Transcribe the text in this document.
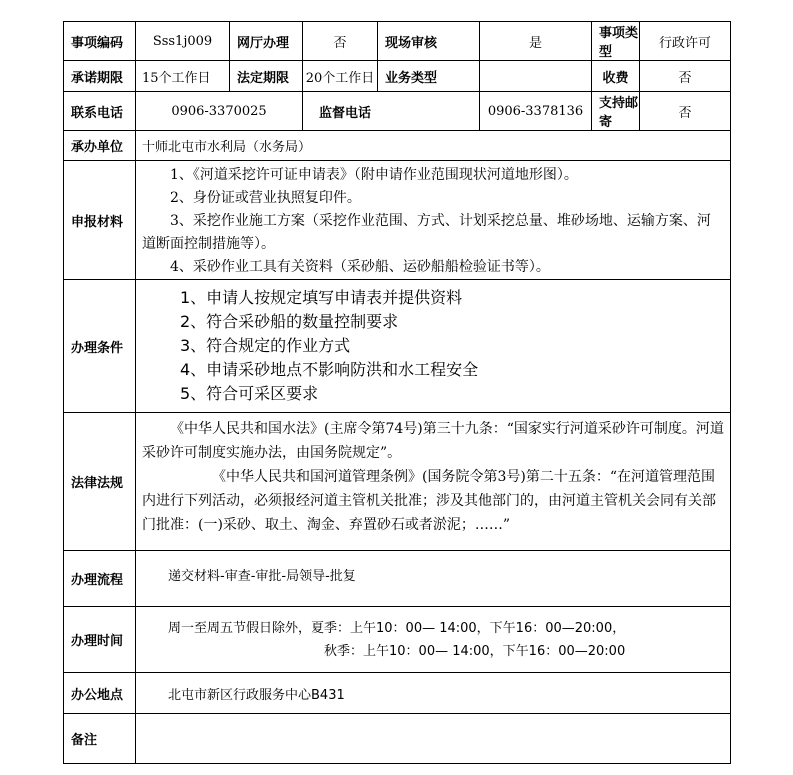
事项编码	Sss1j009	网厅办理	否	现场审核	是	事项类型	行政许可
承诺期限	15个工作日	法定期限	20个工作日	业务类型		收费	否
联系电话	0906-3370025		监督电话		0906-3378136	支持邮寄	否
承办单位	十师北屯市水利局（水务局）						
申报材料	1、《河道采挖许可证申请表》（附申请作业范围现状河道地形图）。

2、身份证或营业执照复印件。

3、采挖作业施工方案（采挖作业范围、方式、计划采挖总量、堆砂场地、运输方案、河道断面控制措施等）。

4、采砂作业工具有关资料（采砂船、运砂船船检验证书等）。						

办理条件	1、申请人按规定填写申请表并提供资料
2、符合采砂船的数量控制要求
3、符合规定的作业方式
4、申请采砂地点不影响防洪和水工程安全
5、符合可采区要求						

法律法规	《中华人民共和国水法》(主席令第74号)第三十九条：“国家实行河道采砂许可制度。河道采砂许可制度实施办法，由国务院规定”。

《中华人民共和国河道管理条例》(国务院令第3号)第二十五条：“在河道管理范围内进行下列活动，必须报经河道主管机关批准；涉及其他部门的，由河道主管机关会同有关部门批准：(一)采砂、取土、淘金、弃置砂石或者淤泥；……”						

办理流程	递交材料-审查-审批-局领导-批复						
办理时间	周一至周五节假日除外，夏季：上午10：00— 14:00，下午16：00—20:00，
秋季：上午10：00— 14:00，下午16：00—20:00						

办公地点	北屯市新区行政服务中心B431						
备注							
